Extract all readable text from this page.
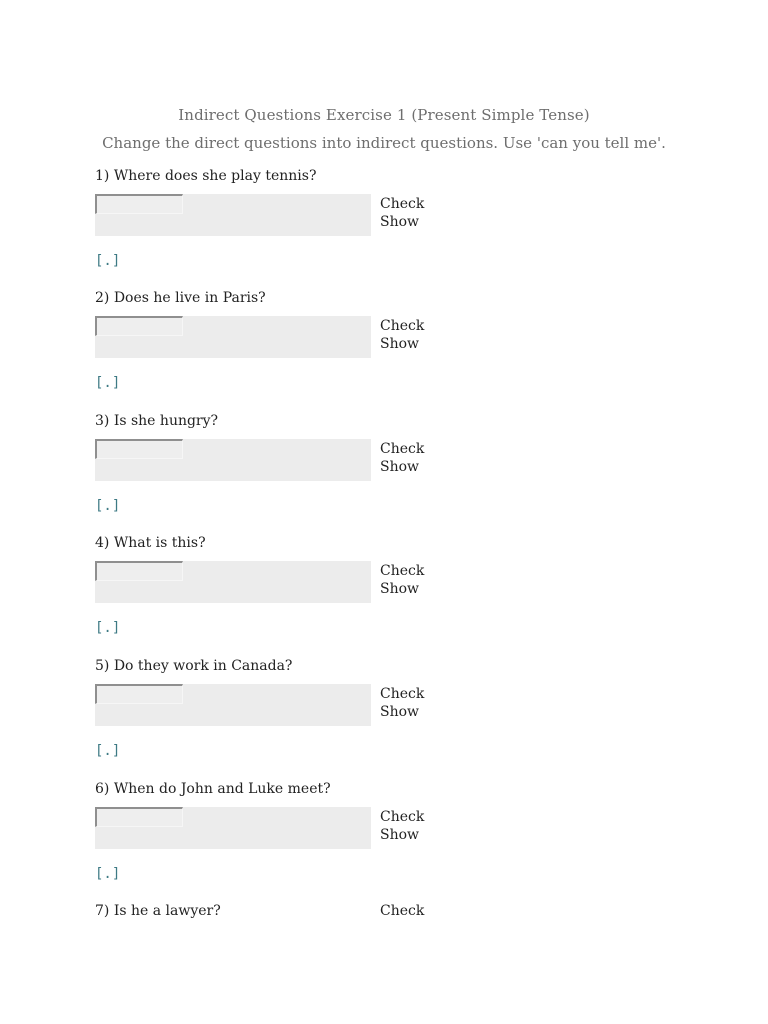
Indirect Questions Exercise 1 (Present Simple Tense)
Change the direct questions into indirect questions. Use 'can you tell me'.
1) Where does she play tennis?
Check
Show
[.]
2) Does he live in Paris?
Check
Show
[.]
3) Is she hungry?
Check
Show
[.]
4) What is this?
Check
Show
[.]
5) Do they work in Canada?
Check
Show
[.]
6) When do John and Luke meet?
Check
Show
[.]
7) Is he a lawyer?	Check
